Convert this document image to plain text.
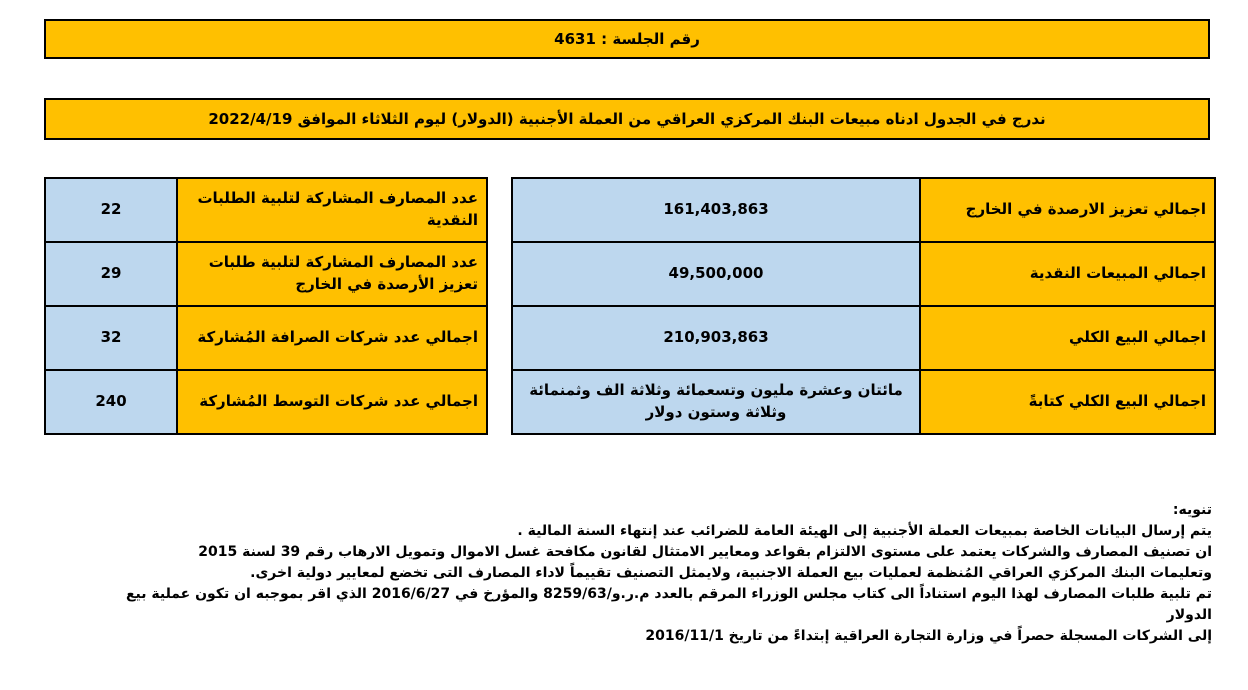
رقم الجلسة : 4631
ندرج في الجدول ادناه مبيعات البنك المركزي العراقي من العملة الأجنبية (الدولار) ليوم الثلاثاء الموافق 2022/4/19
اجمالي تعزيز الارصدة في الخارج	161,403,863
اجمالي المبيعات النقدية	49,500,000
اجمالي البيع الكلي	210,903,863
اجمالي البيع الكلي كتابةً	مائتان وعشرة مليون وتسعمائة وثلاثة الف وثمنمائة وثلاثة وستون دولار
عدد المصارف المشاركة لتلبية الطلبات النقدية	22
عدد المصارف المشاركة لتلبية طلبات تعزيز الأرصدة في الخارج	29
اجمالي عدد شركات الصرافة المُشاركة	32
اجمالي عدد شركات التوسط المُشاركة	240

تنويه:

يتم إرسال البيانات الخاصة بمبيعات العملة الأجنبية إلى الهيئة العامة للضرائب عند إنتهاء السنة المالية .

ان تصنيف المصارف والشركات يعتمد على مستوى الالتزام بقواعد ومعايير الامتثال لقانون مكافحة غسل الاموال وتمويل الارهاب رقم 39 لسنة 2015

وتعليمات البنك المركزي العراقي المُنظمة لعمليات بيع العملة الاجنبية، ولايمثل التصنيف تقييماً لاداء المصارف التى تخضع لمعايير دولية اخرى.

تم تلبية طلبات المصارف لهذا اليوم استناداً الى كتاب مجلس الوزراء المرقم بالعدد م.ر.و/8259/63 والمؤرخ في 2016/6/27 الذي اقر بموجبه ان تكون عملية بيع الدولار

إلى الشركات المسجلة حصراً في وزارة التجارة العراقية إبتداءً من تاريخ 2016/11/1
